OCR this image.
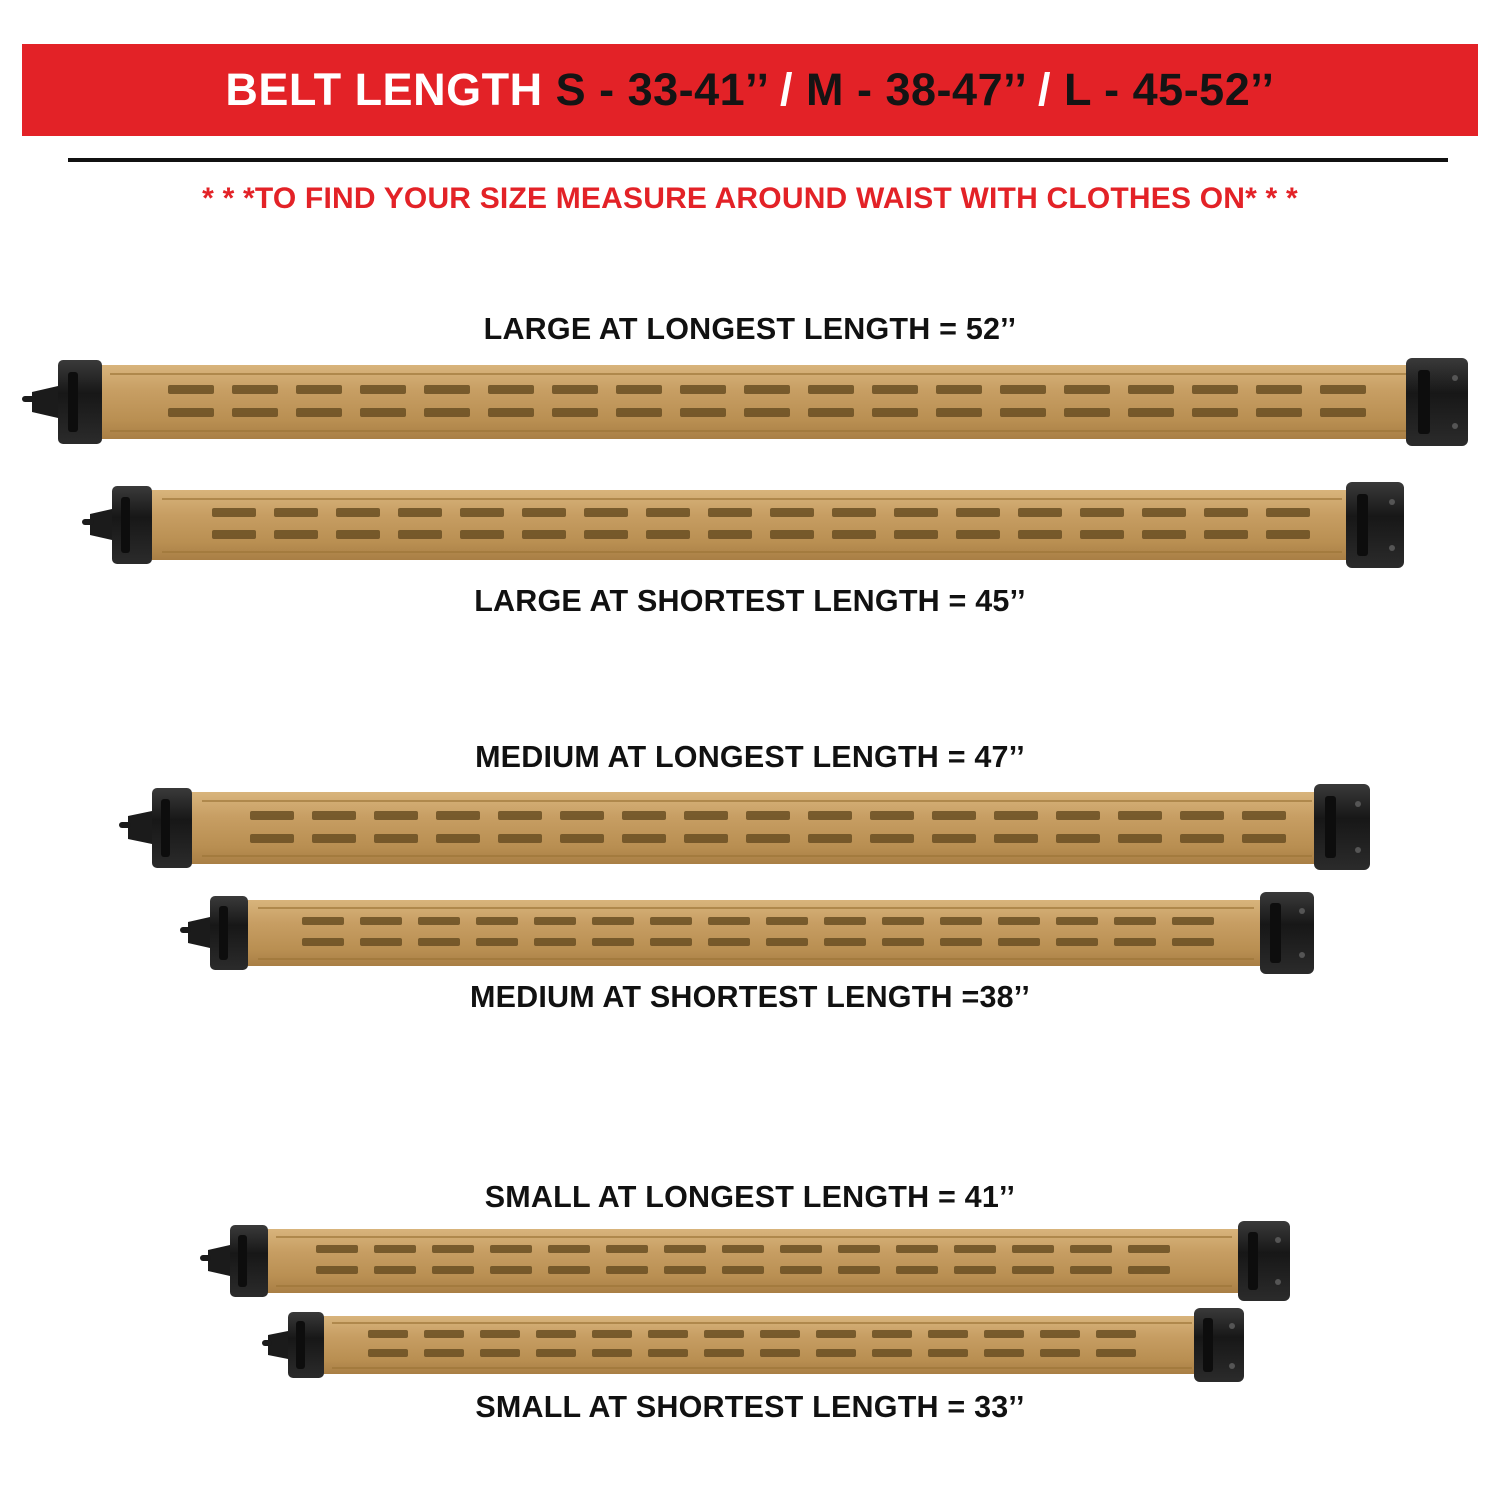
BELT LENGTH S - 33-41’’ / M - 38-47’’ / L - 45-52’’
* * *TO FIND YOUR SIZE MEASURE AROUND WAIST WITH CLOTHES ON* * *
LARGE AT LONGEST LENGTH = 52’’
LARGE AT SHORTEST LENGTH = 45’’
MEDIUM AT LONGEST LENGTH = 47’’
MEDIUM AT SHORTEST LENGTH =38’’
SMALL AT LONGEST LENGTH = 41’’
SMALL AT SHORTEST LENGTH = 33’’
